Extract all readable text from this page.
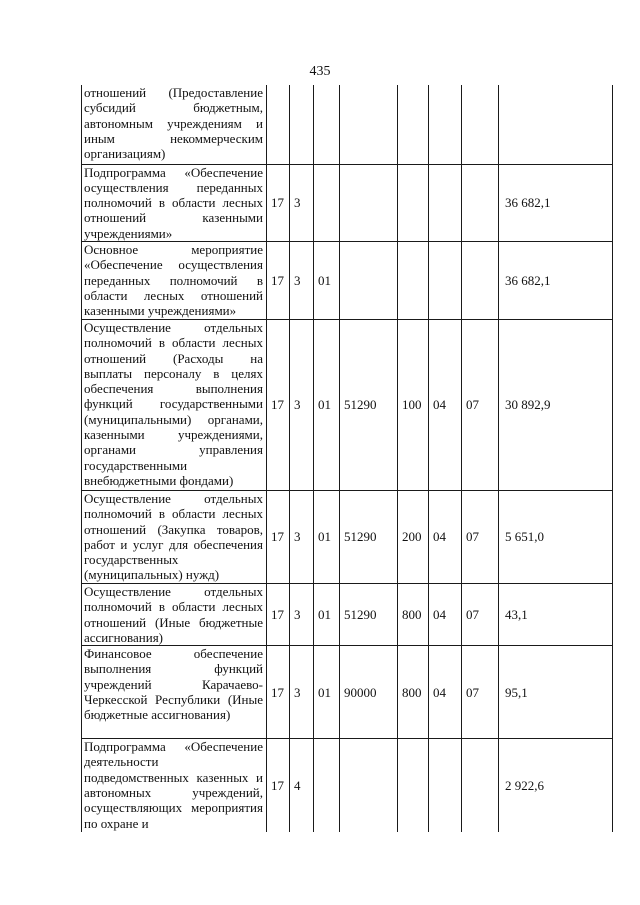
435
отношений (Предоставление субсидий бюджетным, автономным учреждениям и иным некоммерческим организациям)								
Подпрограмма «Обеспечение осуществления переданных полномочий в области лесных отношений казенными учреждениями»	17	3						36 682,1
Основное мероприятие «Обеспечение осуществления переданных полномочий в области лесных отношений казенными учреждениями»	17	3	01					36 682,1
Осуществление отдельных полномочий в области лесных отношений (Расходы на выплаты персоналу в целях обеспечения выполнения функций государственными (муниципальными) органами, казенными учреждениями, органами управления государственными внебюджетными фондами)	17	3	01	51290	100	04	07	30 892,9
Осуществление отдельных полномочий в области лесных отношений (Закупка товаров, работ и услуг для обеспечения государственных (муниципальных) нужд)	17	3	01	51290	200	04	07	5 651,0
Осуществление отдельных полномочий в области лесных отношений (Иные бюджетные ассигнования)	17	3	01	51290	800	04	07	43,1
Финансовое обеспечение выполнения функций учреждений Карачаево-Черкесской Республики (Иные бюджетные ассигнования)	17	3	01	90000	800	04	07	95,1
Подпрограмма «Обеспечение деятельности подведомственных казенных и автономных учреждений, осуществляющих мероприятия по охране и	17	4						2 922,6
